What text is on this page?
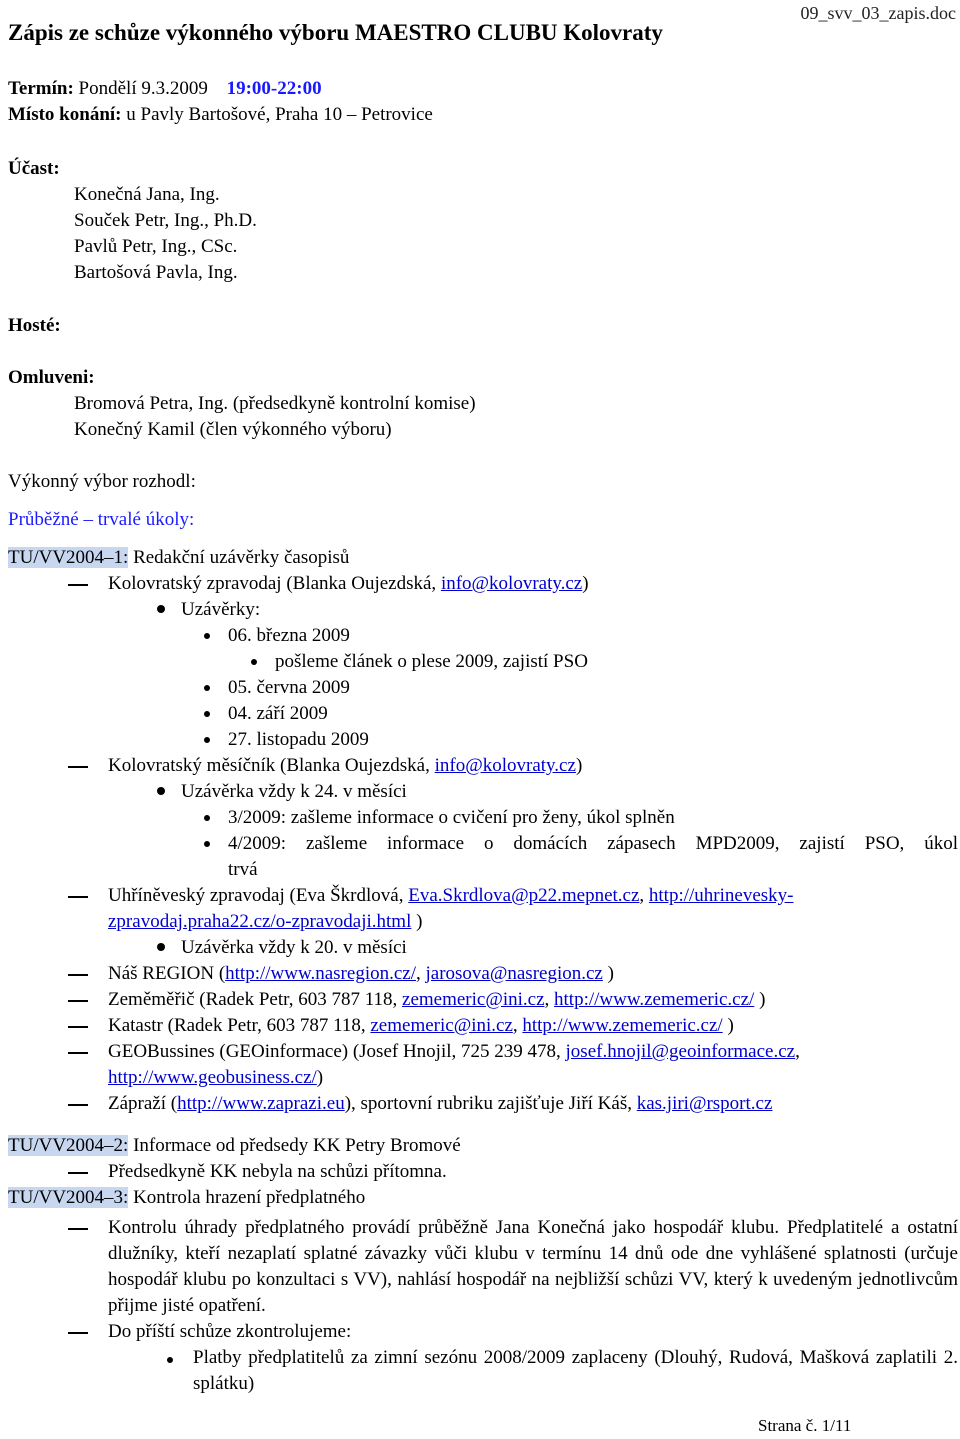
Zápis ze schůze výkonného výboru MAESTRO CLUBU Kolovraty
09_svv_03_zapis.doc
Termín: Pondělí 9.3.2009 19:00-22:00
Místo konání: u Pavly Bartošové, Praha 10 – Petrovice
Účast:
Konečná Jana, Ing.
Souček Petr, Ing., Ph.D.
Pavlů Petr, Ing., CSc.
Bartošová Pavla, Ing.
Hosté:
Omluveni:
Bromová Petra, Ing. (předsedkyně kontrolní komise)
Konečný Kamil (člen výkonného výboru)
Výkonný výbor rozhodl:
Průběžné – trvalé úkoly:
TU/VV2004–1: Redakční uzávěrky časopisů
Kolovratský zpravodaj (Blanka Oujezdská, info@kolovraty.cz)
Uzávěrky:
06. března 2009
pošleme článek o plese 2009, zajistí PSO
05. června 2009
04. září 2009
27. listopadu 2009
Kolovratský měsíčník (Blanka Oujezdská, info@kolovraty.cz)
Uzávěrka vždy k 24. v měsíci
3/2009: zašleme informace o cvičení pro ženy, úkol splněn
4/2009: zašleme informace o domácích zápasech MPD2009, zajistí PSO, úkol
trvá
Uhříněveský zpravodaj (Eva Škrdlová, Eva.Skrdlova@p22.mepnet.cz, http://uhrinevesky-
zpravodaj.praha22.cz/o-zpravodaji.html )
Uzávěrka vždy k 20. v měsíci
Náš REGION (http://www.nasregion.cz/, jarosova@nasregion.cz )
Zeměměřič (Radek Petr, 603 787 118, zememeric@ini.cz, http://www.zememeric.cz/ )
Katastr (Radek Petr, 603 787 118, zememeric@ini.cz, http://www.zememeric.cz/ )
GEOBussines (GEOinformace) (Josef Hnojil, 725 239 478, josef.hnojil@geoinformace.cz,
http://www.geobusiness.cz/)
Zápraží (http://www.zaprazi.eu), sportovní rubriku zajišťuje Jiří Káš, kas.jiri@rsport.cz
TU/VV2004–2: Informace od předsedy KK Petry Bromové
Předsedkyně KK nebyla na schůzi přítomna.
TU/VV2004–3: Kontrola hrazení předplatného
Kontrolu úhrady předplatného provádí průběžně Jana Konečná jako hospodář klubu. Předplatitelé a ostatní dlužníky, kteří nezaplatí splatné závazky vůči klubu v termínu 14 dnů ode dne vyhlášené splatnosti (určuje hospodář klubu po konzultaci s VV), nahlásí hospodář na nejbližší schůzi VV, který k uvedeným jednotlivcům přijme jisté opatření.
Do příští schůze zkontrolujeme:
Platby předplatitelů za zimní sezónu 2008/2009 zaplaceny (Dlouhý, Rudová, Mašková zaplatili 2. splátku)
Strana č. 1/11
